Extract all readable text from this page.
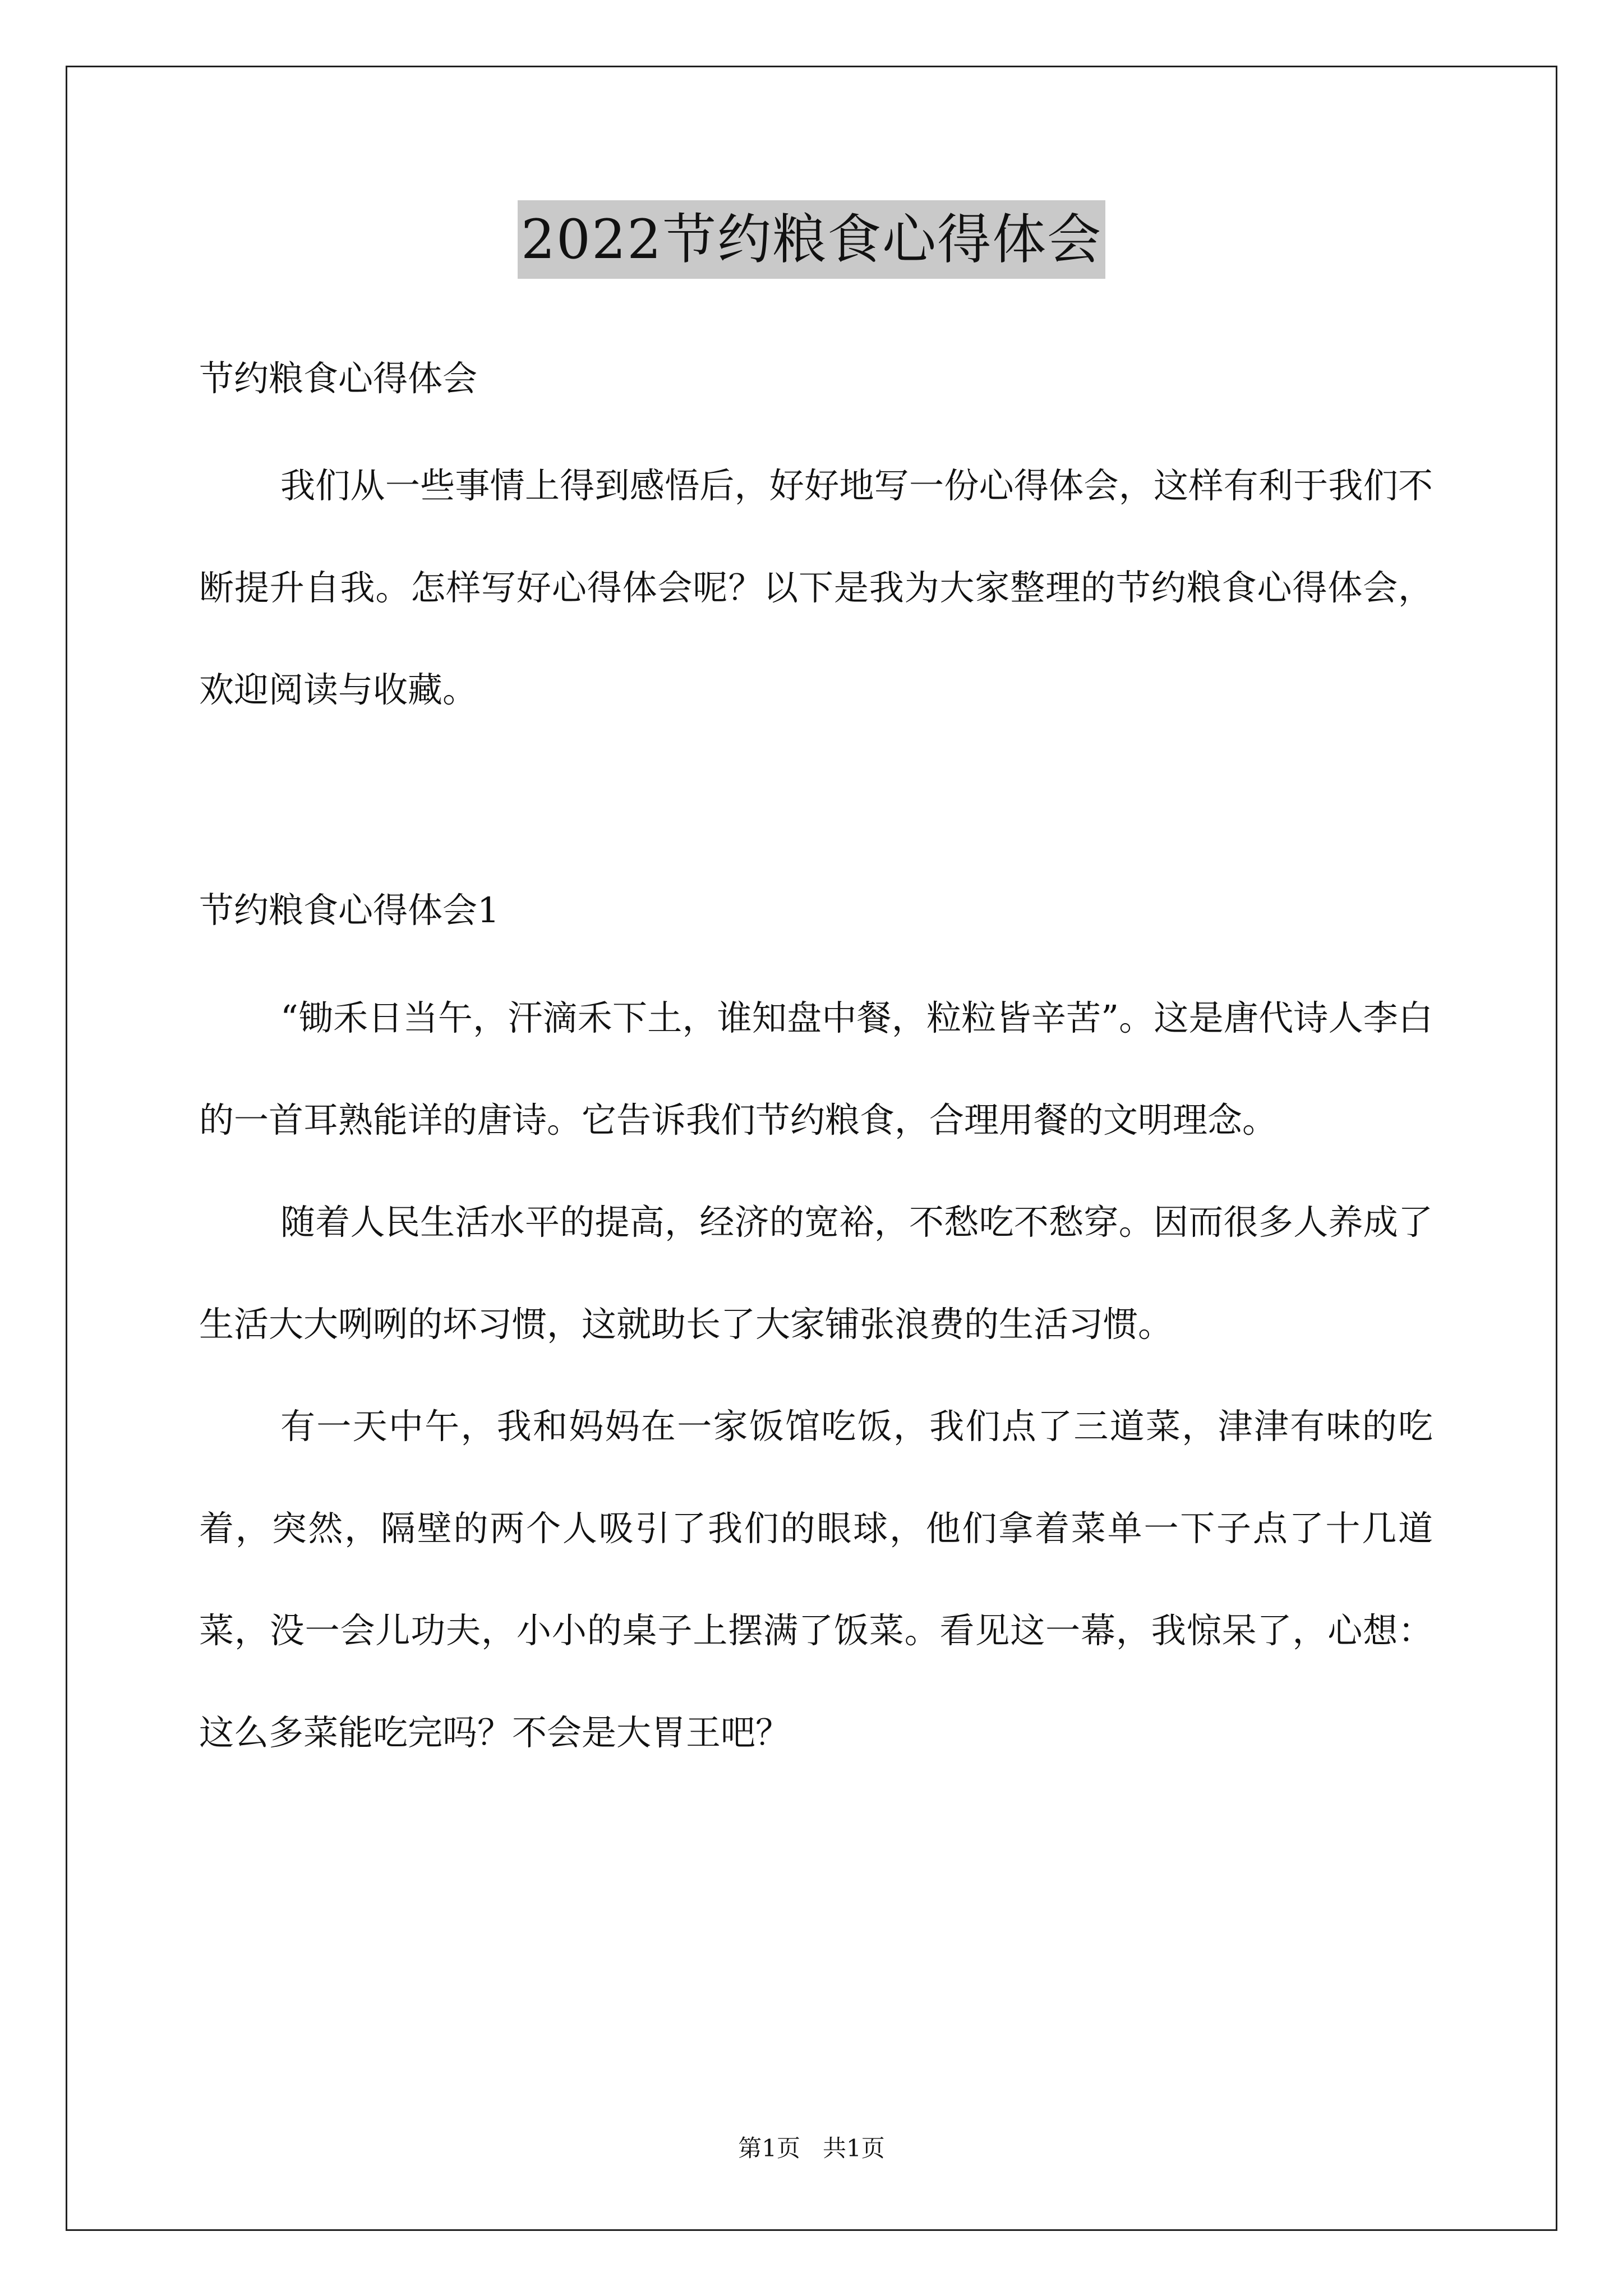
2022节约粮食心得体会
节约粮食心得体会

我们从一些事情上得到感悟后，好好地写一份心得体会，这样有利于我们不断提升自我。怎样写好心得体会呢？以下是我为大家整理的节约粮食心得体会，欢迎阅读与收藏。

节约粮食心得体会1

“锄禾日当午，汗滴禾下土，谁知盘中餐，粒粒皆辛苦”。这是唐代诗人李白的一首耳熟能详的唐诗。它告诉我们节约粮食，合理用餐的文明理念。

随着人民生活水平的提高，经济的宽裕，不愁吃不愁穿。因而很多人养成了生活大大咧咧的坏习惯，这就助长了大家铺张浪费的生活习惯。

有一天中午，我和妈妈在一家饭馆吃饭，我们点了三道菜，津津有味的吃着，突然，隔壁的两个人吸引了我们的眼球，他们拿着菜单一下子点了十几道菜，没一会儿功夫，小小的桌子上摆满了饭菜。看见这一幕，我惊呆了，心想：这么多菜能吃完吗？不会是大胃王吧？

第1页   共1页
